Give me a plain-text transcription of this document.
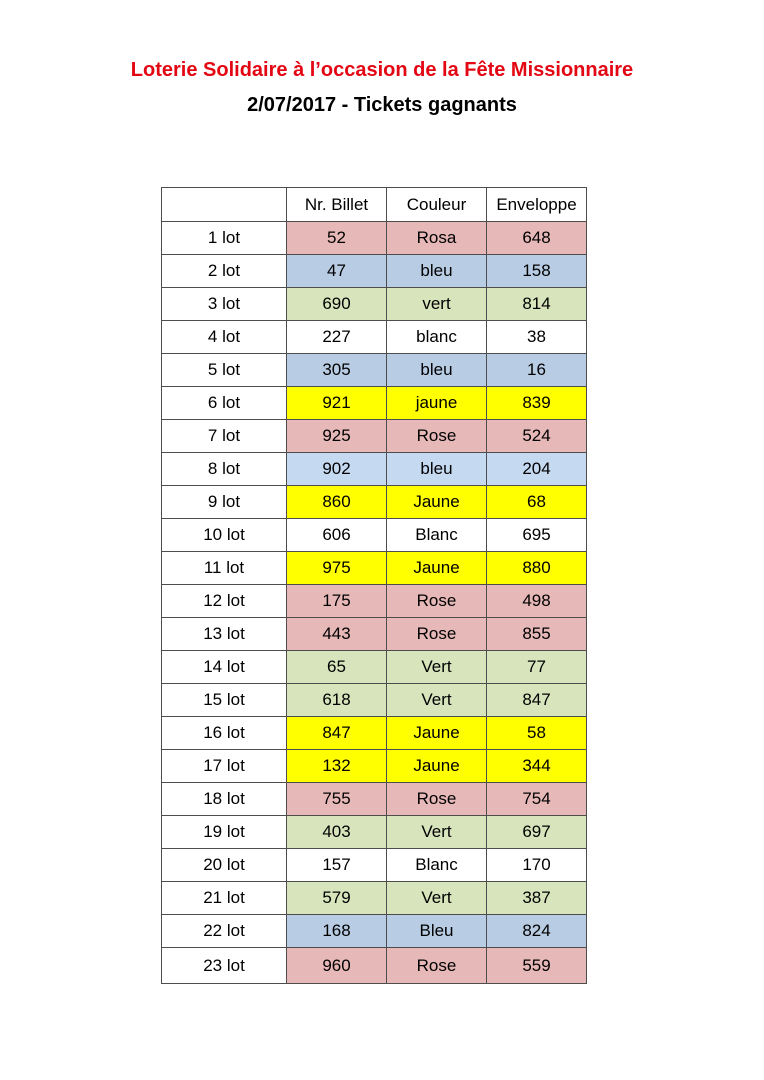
Loterie Solidaire à l’occasion de la Fête Missionnaire
2/07/2017 - Tickets gagnants
	Nr. Billet	Couleur	Enveloppe
1 lot	52	Rosa	648
2 lot	47	bleu	158
3 lot	690	vert	814
4 lot	227	blanc	38
5 lot	305	bleu	16
6 lot	921	jaune	839
7 lot	925	Rose	524
8 lot	902	bleu	204
9 lot	860	Jaune	68
10 lot	606	Blanc	695
11 lot	975	Jaune	880
12 lot	175	Rose	498
13 lot	443	Rose	855
14 lot	65	Vert	77
15 lot	618	Vert	847
16 lot	847	Jaune	58
17 lot	132	Jaune	344
18 lot	755	Rose	754
19 lot	403	Vert	697
20 lot	157	Blanc	170
21 lot	579	Vert	387
22 lot	168	Bleu	824
23 lot	960	Rose	559
